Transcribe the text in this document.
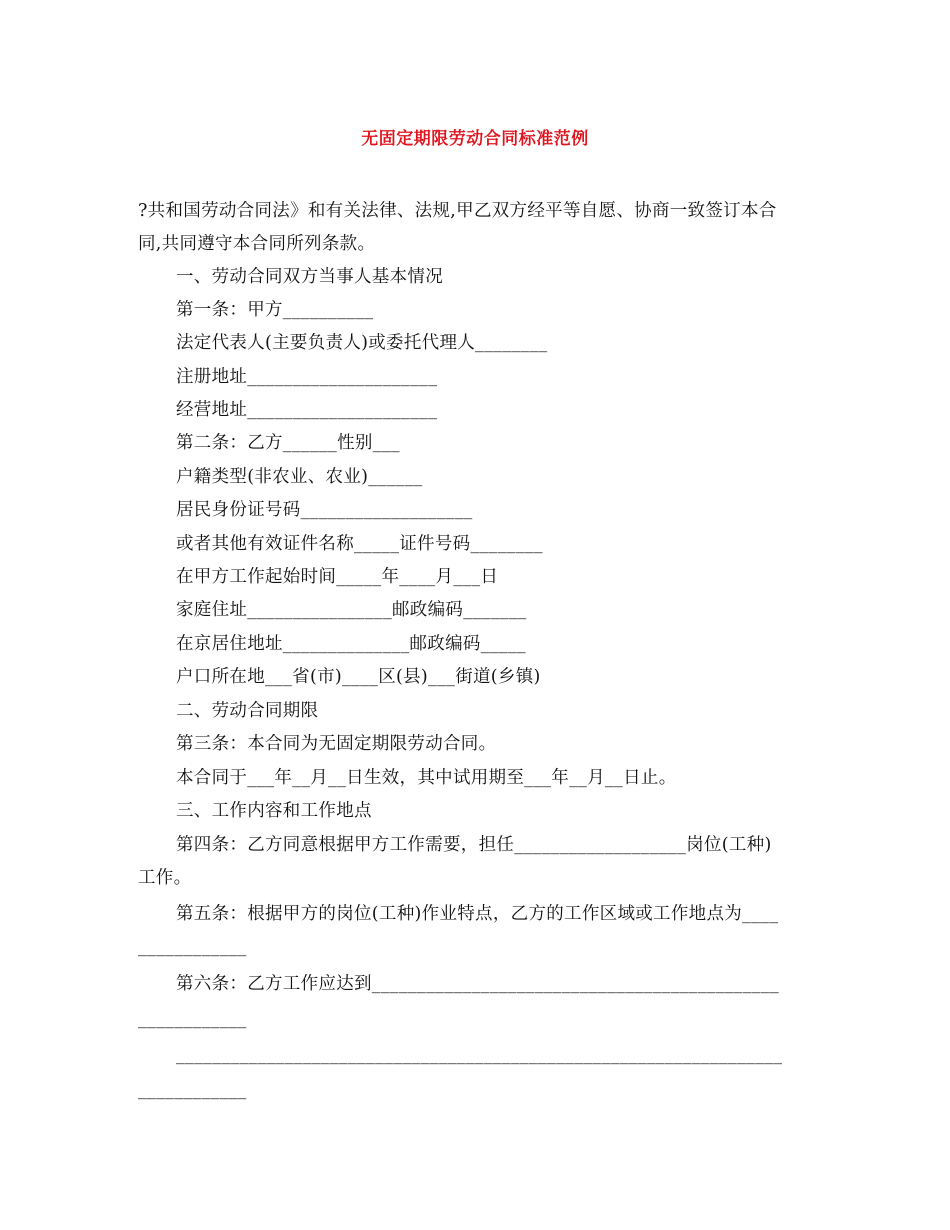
无固定期限劳动合同标准范例
?共和国劳动合同法》和有关法律、法规,甲乙双方经平等自愿、协商一致签订本合
同,共同遵守本合同所列条款。
一、劳动合同双方当事人基本情况
第一条：甲方__________
法定代表人(主要负责人)或委托代理人________
注册地址_____________________
经营地址_____________________
第二条：乙方______性别___
户籍类型(非农业、农业)______
居民身份证号码___________________
或者其他有效证件名称_____证件号码________
在甲方工作起始时间_____年____月___日
家庭住址________________邮政编码_______
在京居住地址______________邮政编码_____
户口所在地___省(市)____区(县)___街道(乡镇)
二、劳动合同期限
第三条：本合同为无固定期限劳动合同。
本合同于___年__月__日生效，其中试用期至___年__月__日止。
三、工作内容和工作地点
第四条：乙方同意根据甲方工作需要，担任___________________岗位(工种)
工作。
第五条：根据甲方的岗位(工种)作业特点，乙方的工作区域或工作地点为____
____________
第六条：乙方工作应达到_____________________________________________
____________
___________________________________________________________________
____________
